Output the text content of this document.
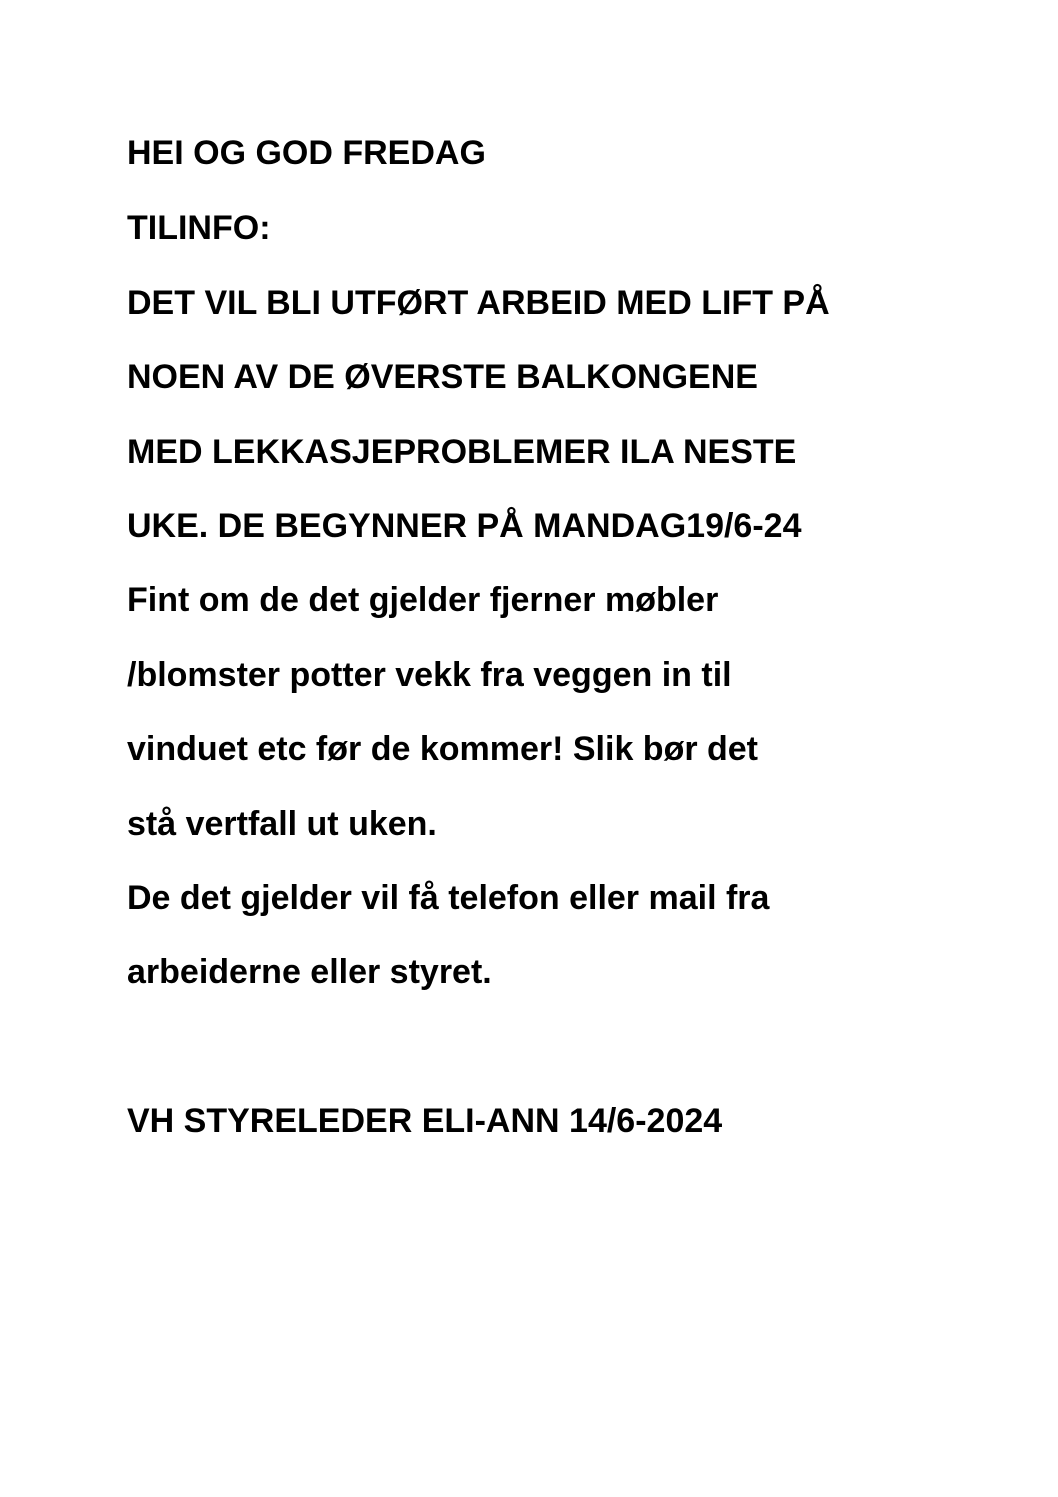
HEI OG GOD FREDAG
TILINFO:
DET VIL BLI UTFØRT ARBEID MED LIFT PÅ
NOEN AV DE ØVERSTE BALKONGENE
MED LEKKASJEPROBLEMER ILA NESTE
UKE. DE BEGYNNER PÅ MANDAG19/6-24
Fint om de det gjelder fjerner møbler
/blomster potter vekk fra veggen in til
vinduet etc før de kommer! Slik bør det
stå vertfall ut uken.
De det gjelder vil få telefon eller mail fra
arbeiderne eller styret.
VH STYRELEDER ELI-ANN 14/6-2024
